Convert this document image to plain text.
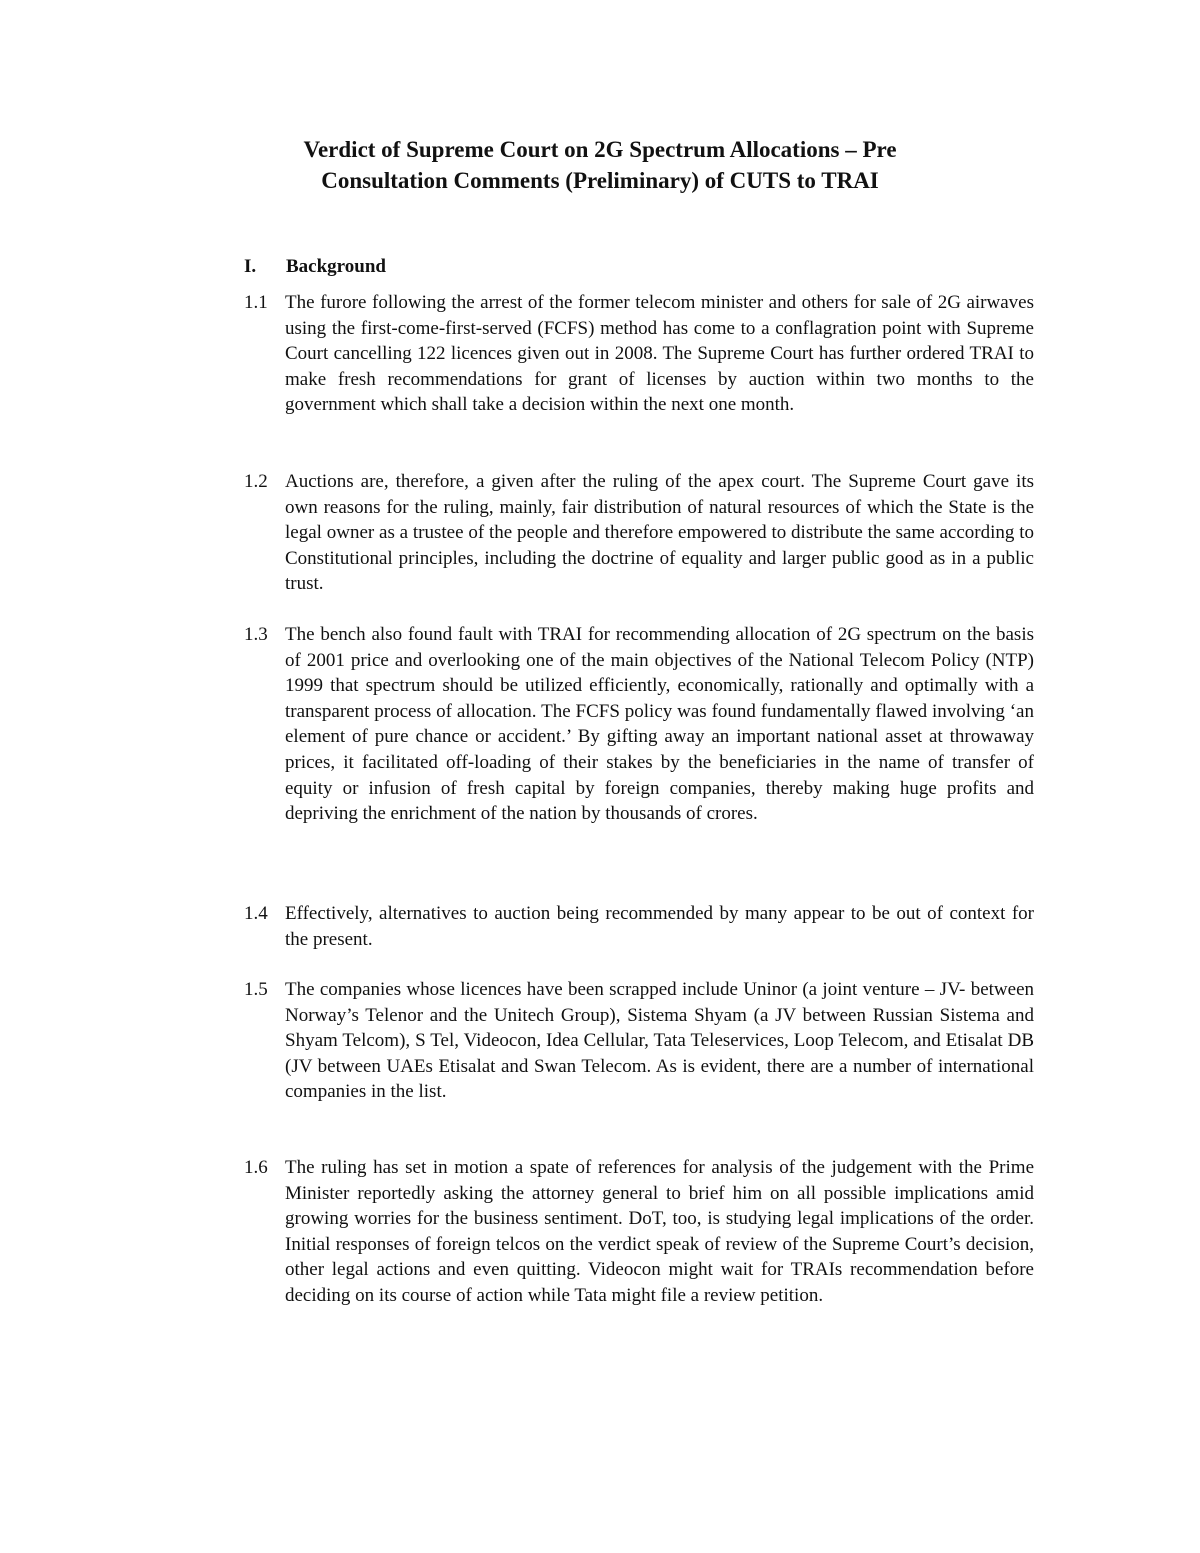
Verdict of Supreme Court on 2G Spectrum Allocations – Pre
Consultation Comments (Preliminary) of CUTS to TRAI
I. Background
1.1 The furore following the arrest of the former telecom minister and others for sale of 2G airwaves using the first-come-first-served (FCFS) method has come to a conflagration point with Supreme Court cancelling 122 licences given out in 2008. The Supreme Court has further ordered TRAI to make fresh recommendations for grant of licenses by auction within two months to the government which shall take a decision within the next one month.
1.2 Auctions are, therefore, a given after the ruling of the apex court. The Supreme Court gave its own reasons for the ruling, mainly, fair distribution of natural resources of which the State is the legal owner as a trustee of the people and therefore empowered to distribute the same according to Constitutional principles, including the doctrine of equality and larger public good as in a public trust.
1.3 The bench also found fault with TRAI for recommending allocation of 2G spectrum on the basis of 2001 price and overlooking one of the main objectives of the National Telecom Policy (NTP) 1999 that spectrum should be utilized efficiently, economically, rationally and optimally with a transparent process of allocation. The FCFS policy was found fundamentally flawed involving ‘an element of pure chance or accident.’ By gifting away an important national asset at throwaway prices, it facilitated off-loading of their stakes by the beneficiaries in the name of transfer of equity or infusion of fresh capital by foreign companies, thereby making huge profits and depriving the enrichment of the nation by thousands of crores.
1.4 Effectively, alternatives to auction being recommended by many appear to be out of context for the present.
1.5 The companies whose licences have been scrapped include Uninor (a joint venture – JV- between Norway’s Telenor and the Unitech Group), Sistema Shyam (a JV between Russian Sistema and Shyam Telcom), S Tel, Videocon, Idea Cellular, Tata Teleservices, Loop Telecom, and Etisalat DB (JV between UAEs Etisalat and Swan Telecom. As is evident, there are a number of international companies in the list.
1.6 The ruling has set in motion a spate of references for analysis of the judgement with the Prime Minister reportedly asking the attorney general to brief him on all possible implications amid growing worries for the business sentiment. DoT, too, is studying legal implications of the order. Initial responses of foreign telcos on the verdict speak of review of the Supreme Court’s decision, other legal actions and even quitting. Videocon might wait for TRAIs recommendation before deciding on its course of action while Tata might file a review petition.
